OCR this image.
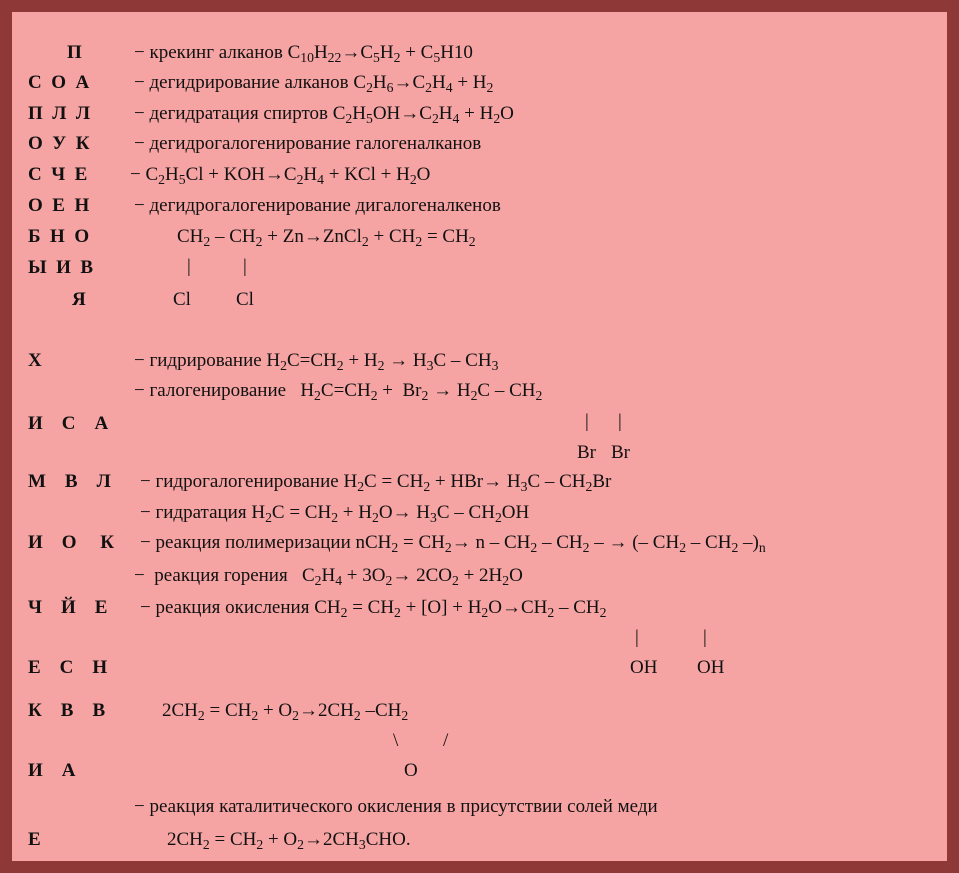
П
С  О  А
П  Л  Л
О  У  К
С  Ч  Е
О  Е  Н
Б  Н  О
Ы  И  В
Я
Х
И    С    А
М    В    Л
И    О     К
Ч    Й    Е
Е    С    Н
К    В    В
И    А
Е
− крекинг алканов $C_{10}H_{22}\to C_5H_2 + C_5H10$
− дегидрирование алканов $C_2H_6\to C_2H_4 + H_2$
− дегидратация спиртов $C_2H_5OH\to C_2H_4 + H_2O$
− дегидрогалогенирование галогеналканов
− $C_2H_5Cl + KOH\to C_2H_4$ + KCl + $H_2O$
− дегидрогалогенирование дигалогеналкенов
$CH_2 - CH_2$ + Zn→ZnCl$_2$ + $CH_2 = CH_2$
|	|
Cl Cl
− гидрирование $H_2C=CH_2 + H_2 \to H_3C - CH_3$
− галогенирование   $H_2C=CH_2 + Br_2 \to H_2C - CH_2$
| |
Br Br
− гидрогалогенирование $H_2C = CH_2 + HBr\to H_3C - CH_2Br$
− гидратация $H_2C = CH_2 + H_2O\to H_3C - CH_2OH$
− реакция полимеризации $nCH_2 = CH_2\to n - CH_2 - CH_2$ – → (– $CH_2 - CH_2$ $-)_n$
−  реакция горения   $C_2H_4 + 3O_2\to 2CO_2 + 2H_2O$
− реакция окисления $CH_2 = CH_2 + [O] + H_2O\to CH_2 - CH_2$
|	|
OH OH
$2CH_2 = CH_2 + O_2\to 2CH_2$ $-CH_2$
\ /
O
− реакция каталитического окисления в присутствии солей меди
$2CH_2 = CH_2 + O_2\to 2CH_3CHO$.
